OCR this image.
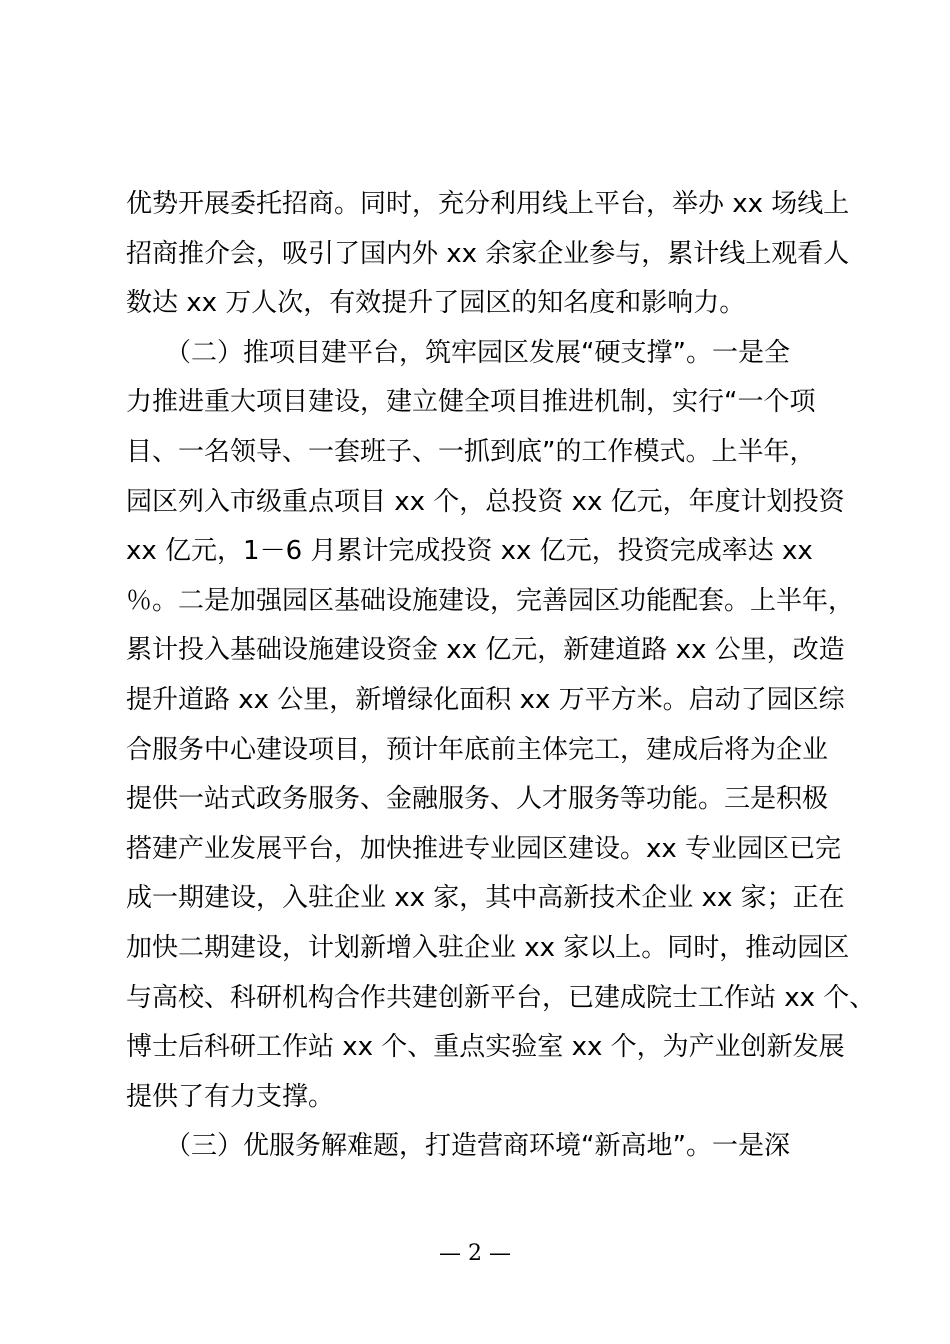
优势开展委托招商。同时，充分利用线上平台，举办 xx 场线上
招商推介会，吸引了国内外 xx 余家企业参与，累计线上观看人
数达 xx 万人次，有效提升了园区的知名度和影响力。
　　（二）推项目建平台，筑牢园区发展“硬支撑”。一是全
力推进重大项目建设，建立健全项目推进机制，实行“一个项
目、一名领导、一套班子、一抓到底”的工作模式。上半年，
园区列入市级重点项目 xx 个，总投资 xx 亿元，年度计划投资
xx 亿元，1－6 月累计完成投资 xx 亿元，投资完成率达 xx
％。二是加强园区基础设施建设，完善园区功能配套。上半年，
累计投入基础设施建设资金 xx 亿元，新建道路 xx 公里，改造
提升道路 xx 公里，新增绿化面积 xx 万平方米。启动了园区综
合服务中心建设项目，预计年底前主体完工，建成后将为企业
提供一站式政务服务、金融服务、人才服务等功能。三是积极
搭建产业发展平台，加快推进专业园区建设。xx 专业园区已完
成一期建设，入驻企业 xx 家，其中高新技术企业 xx 家；正在
加快二期建设，计划新增入驻企业 xx 家以上。同时，推动园区
与高校、科研机构合作共建创新平台，已建成院士工作站 xx 个、
博士后科研工作站 xx 个、重点实验室 xx 个，为产业创新发展
提供了有力支撑。
　　（三）优服务解难题，打造营商环境“新高地”。一是深
— 2 —
